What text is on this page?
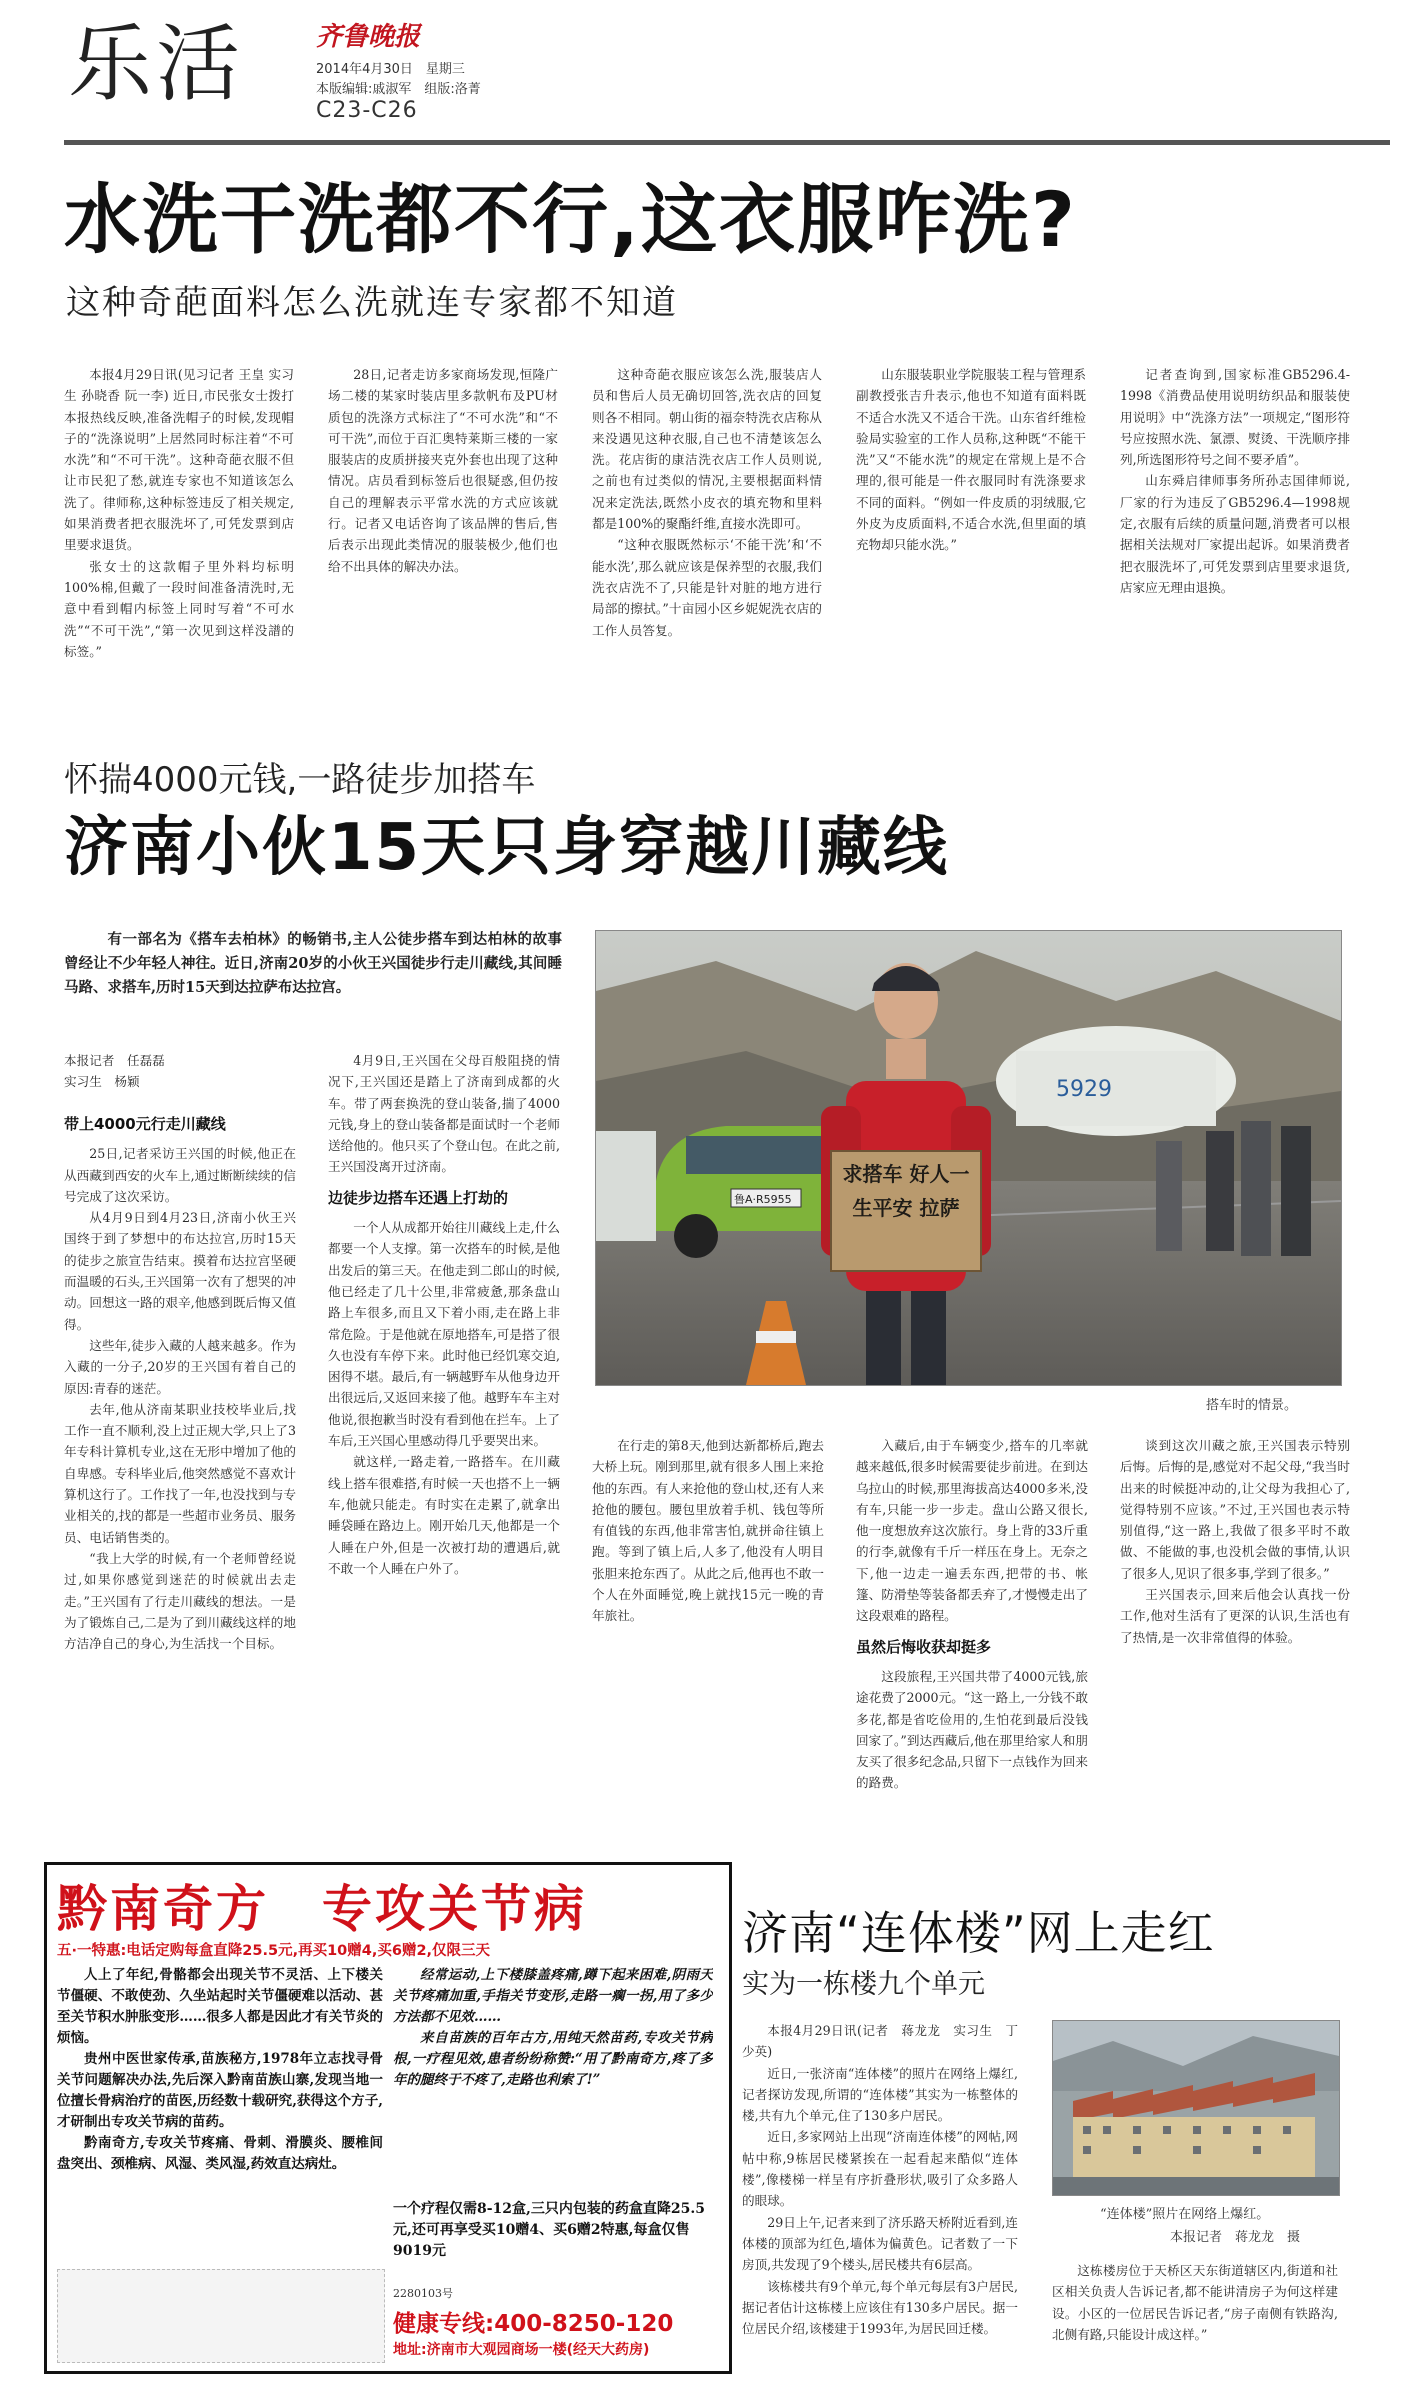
乐活	齐鲁晚报
2014年4月30日　星期三
本版编辑:戚淑军　组版:洛菁
C23-C26
水洗干洗都不行,这衣服咋洗?
这种奇葩面料怎么洗就连专家都不知道

本报4月29日讯(见习记者 王皇 实习生 孙晓香 阮一李) 近日,市民张女士拨打本报热线反映,准备洗帽子的时候,发现帽子的“洗涤说明”上居然同时标注着“不可水洗”和“不可干洗”。这种奇葩衣服不但让市民犯了愁,就连专家也不知道该怎么洗了。律师称,这种标签违反了相关规定,如果消费者把衣服洗坏了,可凭发票到店里要求退货。

张女士的这款帽子里外料均标明100%棉,但戴了一段时间准备清洗时,无意中看到帽内标签上同时写着“不可水洗”“不可干洗”,“第一次见到这样没譜的标签。”

28日,记者走访多家商场发现,恒隆广场二楼的某家时装店里多款帆布及PU材质包的洗涤方式标注了“不可水洗”和“不可干洗”,而位于百汇奥特莱斯三楼的一家服装店的皮质拼接夹克外套也出现了这种情况。店员看到标签后也很疑惑,但仍按自己的理解表示平常水洗的方式应该就行。记者又电话咨询了该品牌的售后,售后表示出现此类情况的服装极少,他们也给不出具体的解决办法。

这种奇葩衣服应该怎么洗,服装店人员和售后人员无确切回答,洗衣店的回复则各不相同。朝山街的福奈特洗衣店称从来没遇见这种衣服,自己也不清楚该怎么洗。花店街的康洁洗衣店工作人员则说,之前也有过类似的情况,主要根据面料情况来定洗法,既然小皮衣的填充物和里料都是100%的聚酯纤维,直接水洗即可。

“这种衣服既然标示‘不能干洗’和‘不能水洗’,那么就应该是保养型的衣服,我们洗衣店洗不了,只能是针对脏的地方进行局部的擦拭。”十亩园小区乡妮妮洗衣店的工作人员答复。

山东服装职业学院服装工程与管理系副教授张吉升表示,他也不知道有面料既不适合水洗又不适合干洗。山东省纤维检验局实验室的工作人员称,这种既“不能干洗”又“不能水洗”的规定在常规上是不合理的,很可能是一件衣服同时有洗涤要求不同的面料。“例如一件皮质的羽绒服,它外皮为皮质面料,不适合水洗,但里面的填充物却只能水洗。”

记者查询到,国家标准GB5296.4-1998《消费品使用说明纺织品和服装使用说明》中“洗涤方法”一项规定,“图形符号应按照水洗、氯漂、熨烫、干洗顺序排列,所选图形符号之间不要矛盾”。

山东舜启律师事务所孙志国律师说,厂家的行为违反了GB5296.4—1998规定,衣服有后续的质量问题,消费者可以根据相关法规对厂家提出起诉。如果消费者把衣服洗坏了,可凭发票到店里要求退货,店家应无理由退换。

怀揣4000元钱,一路徒步加搭车
济南小伙15天只身穿越川藏线
有一部名为《搭车去柏林》的畅销书,主人公徒步搭车到达柏林的故事曾经让不少年轻人神往。近日,济南20岁的小伙王兴国徒步行走川藏线,其间睡马路、求搭车,历时15天到达拉萨布达拉宫。
5929
鲁A·R5955
求搭车 好人一生平安 拉萨
搭车时的情景。
本报记者　任磊磊
实习生　杨颖
带上4000元行走川藏线

25日,记者采访王兴国的时候,他正在从西藏到西安的火车上,通过断断续续的信号完成了这次采访。

从4月9日到4月23日,济南小伙王兴国终于到了梦想中的布达拉宫,历时15天的徒步之旅宣告结束。摸着布达拉宫坚硬而温暖的石头,王兴国第一次有了想哭的冲动。回想这一路的艰辛,他感到既后悔又值得。

这些年,徒步入藏的人越来越多。作为入藏的一分子,20岁的王兴国有着自己的原因:青春的迷茫。

去年,他从济南某职业技校毕业后,找工作一直不顺利,没上过正规大学,只上了3年专科计算机专业,这在无形中增加了他的自卑感。专科毕业后,他突然感觉不喜欢计算机这行了。工作找了一年,也没找到与专业相关的,找的都是一些超市业务员、服务员、电话销售类的。

“我上大学的时候,有一个老师曾经说过,如果你感觉到迷茫的时候就出去走走。”王兴国有了行走川藏线的想法。一是为了锻炼自己,二是为了到川藏线这样的地方洁净自己的身心,为生活找一个目标。

4月9日,王兴国在父母百般阻挠的情况下,王兴国还是踏上了济南到成都的火车。带了两套换洗的登山装备,揣了4000元钱,身上的登山装备都是面试时一个老师送给他的。他只买了个登山包。在此之前,王兴国没离开过济南。

边徒步边搭车还遇上打劫的

一个人从成都开始往川藏线上走,什么都要一个人支撑。第一次搭车的时候,是他出发后的第三天。在他走到二郎山的时候,他已经走了几十公里,非常疲惫,那条盘山路上车很多,而且又下着小雨,走在路上非常危险。于是他就在原地搭车,可是搭了很久也没有车停下来。此时他已经饥寒交迫,困得不堪。最后,有一辆越野车从他身边开出很远后,又返回来接了他。越野车车主对他说,很抱歉当时没有看到他在拦车。上了车后,王兴国心里感动得几乎要哭出来。

就这样,一路走着,一路搭车。在川藏线上搭车很难搭,有时候一天也搭不上一辆车,他就只能走。有时实在走累了,就拿出睡袋睡在路边上。刚开始几天,他都是一个人睡在户外,但是一次被打劫的遭遇后,就不敢一个人睡在户外了。

在行走的第8天,他到达新都桥后,跑去大桥上玩。刚到那里,就有很多人围上来抢他的东西。有人来抢他的登山杖,还有人来抢他的腰包。腰包里放着手机、钱包等所有值钱的东西,他非常害怕,就拼命往镇上跑。等到了镇上后,人多了,他没有人明目张胆来抢东西了。从此之后,他再也不敢一个人在外面睡觉,晚上就找15元一晚的青年旅社。

入藏后,由于车辆变少,搭车的几率就越来越低,很多时候需要徒步前进。在到达乌拉山的时候,那里海拔高达4000多米,没有车,只能一步一步走。盘山公路又很长,他一度想放弃这次旅行。身上背的33斤重的行李,就像有千斤一样压在身上。无奈之下,他一边走一遍丢东西,把带的书、帐篷、防滑垫等装备都丢弃了,才慢慢走出了这段艰难的路程。

虽然后悔收获却挺多

这段旅程,王兴国共带了4000元钱,旅途花费了2000元。“这一路上,一分钱不敢多花,都是省吃俭用的,生怕花到最后没钱回家了。”到达西藏后,他在那里给家人和朋友买了很多纪念品,只留下一点钱作为回来的路费。

谈到这次川藏之旅,王兴国表示特别后悔。后悔的是,感觉对不起父母,“我当时出来的时候挺冲动的,让父母为我担心了,觉得特别不应该。”不过,王兴国也表示特别值得,“这一路上,我做了很多平时不敢做、不能做的事,也没机会做的事情,认识了很多人,见识了很多事,学到了很多。”

王兴国表示,回来后他会认真找一份工作,他对生活有了更深的认识,生活也有了热情,是一次非常值得的体验。

黔南奇方　专攻关节病
五·一特惠:电话定购每盒直降25.5元,再买10赠4,买6赠2,仅限三天

人上了年纪,骨骼都会出现关节不灵活、上下楼关节僵硬、不敢使劲、久坐站起时关节僵硬难以活动、甚至关节积水肿胀变形……很多人都是因此才有关节炎的烦恼。

贵州中医世家传承,苗族秘方,1978年立志找寻骨关节问题解决办法,先后深入黔南苗族山寨,发现当地一位擅长骨病治疗的苗医,历经数十载研究,获得这个方子,才研制出专攻关节病的苗药。

黔南奇方,专攻关节疼痛、骨刺、滑膜炎、腰椎间盘突出、颈椎病、风湿、类风湿,药效直达病灶。

经常运动,上下楼膝盖疼痛,蹲下起来困难,阴雨天关节疼痛加重,手指关节变形,走路一瘸一拐,用了多少方法都不见效……

来自苗族的百年古方,用纯天然苗药,专攻关节病根,一疗程见效,患者纷纷称赞:“用了黔南奇方,疼了多年的腿终于不疼了,走路也利索了!”

一个疗程仅需8-12盒,三只内包装的药盒直降25.5元,还可再享受买10赠4、买6赠2特惠,每盒仅售9019元
2280103号
健康专线:400-8250-120
地址:济南市大观园商场一楼(经天大药房)
济南“连体楼”网上走红
实为一栋楼九个单元
本报4月29日讯(记者　蒋龙龙　实习生　丁少英)

近日,一张济南“连体楼”的照片在网络上爆红,记者探访发现,所谓的“连体楼”其实为一栋整体的楼,共有九个单元,住了130多户居民。

近日,多家网站上出现“济南连体楼”的网帖,网帖中称,9栋居民楼紧挨在一起看起来酷似“连体楼”,像楼梯一样呈有序折叠形状,吸引了众多路人的眼球。

29日上午,记者来到了济乐路天桥附近看到,连体楼的顶部为红色,墙体为偏黄色。记者数了一下房顶,共发现了9个楼头,居民楼共有6层高。

该栋楼共有9个单元,每个单元每层有3户居民,据记者估计这栋楼上应该住有130多户居民。据一位居民介绍,该楼建于1993年,为居民回迁楼。

“连体楼”照片在网络上爆红。
本报记者　蒋龙龙　摄

这栋楼房位于天桥区天东街道辖区内,街道和社区相关负责人告诉记者,都不能讲清房子为何这样建设。小区的一位居民告诉记者,“房子南侧有铁路沟,北侧有路,只能设计成这样。”
